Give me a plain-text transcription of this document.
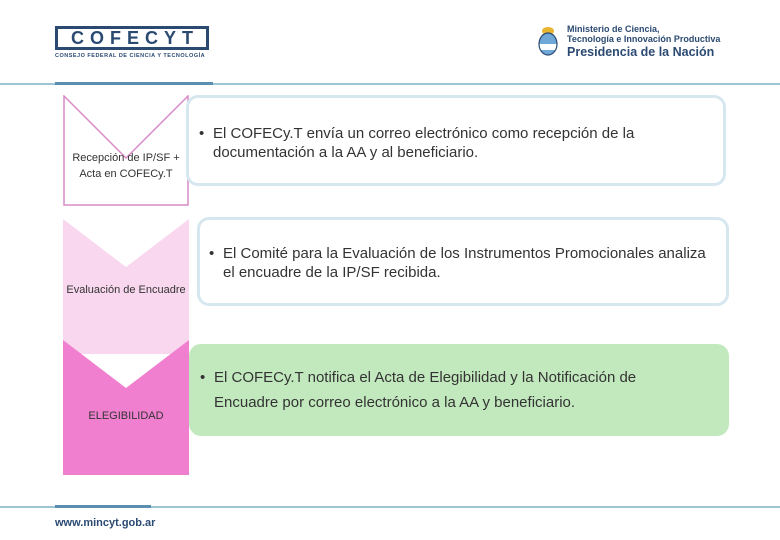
COFECYT
CONSEJO FEDERAL DE CIENCIA Y TECNOLOGÍA
Ministerio de Ciencia,
Tecnología e Innovación Productiva
Presidencia de la Nación
Recepción de IP/SF + Acta en COFECy.T
Evaluación de Encuadre
ELEGIBILIDAD
• El COFECy.T envía un correo electrónico como recepción de la documentación a la AA y al beneficiario.
• El Comité para la Evaluación de los Instrumentos Promocionales analiza el encuadre de la IP/SF recibida.
• El COFECy.T notifica el Acta de Elegibilidad y la Notificación de Encuadre por correo electrónico a la AA y beneficiario.
www.mincyt.gob.ar
